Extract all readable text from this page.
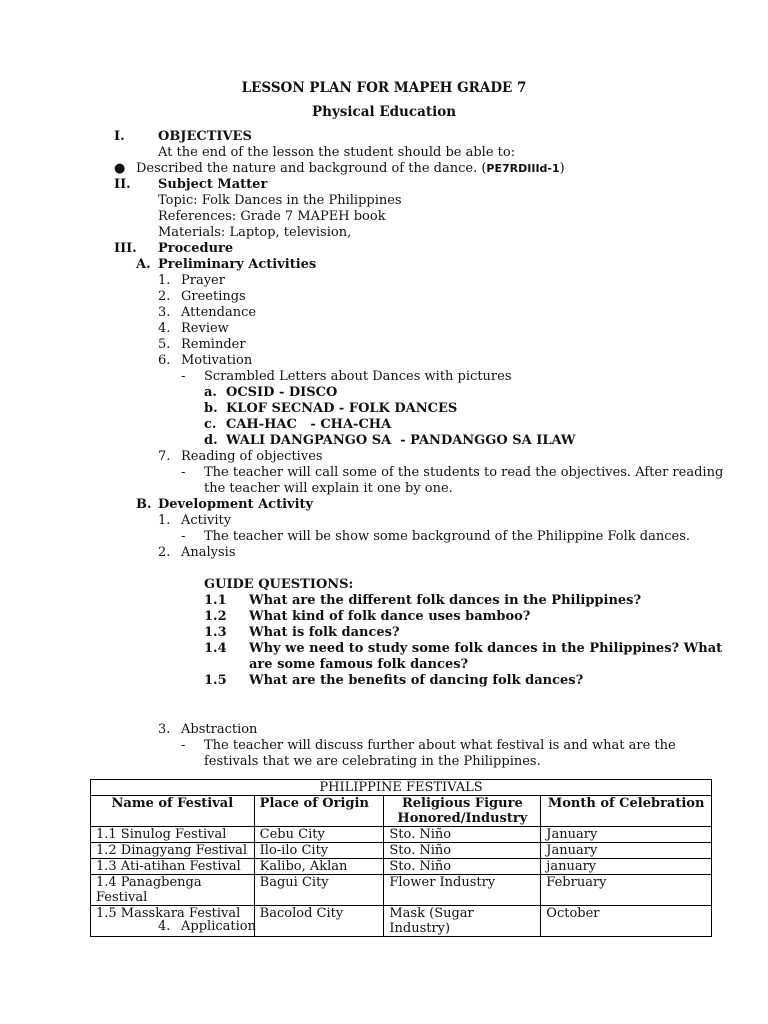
LESSON PLAN FOR MAPEH GRADE 7
Physical Education
I.	OBJECTIVES
At the end of the lesson the student should be able to:
● Described the nature and background of the dance. (PE7RDIIId-1)
II. Subject Matter
Topic: Folk Dances in the Philippines
References: Grade 7 MAPEH book
Materials: Laptop, television,
III. Procedure
A. Preliminary Activities
1. Prayer
2. Greetings
3. Attendance
4. Review
5. Reminder
6. Motivation
- Scrambled Letters about Dances with pictures
a. OCSID - DISCO
b. KLOF SECNAD - FOLK DANCES
c. CAH-HAC   - CHA-CHA
d. WALI DANGPANGO SA  - PANDANGGO SA ILAW
7. Reading of objectives
- The teacher will call some of the students to read the objectives. After reading
the teacher will explain it one by one.
B. Development Activity
1. Activity
- The teacher will be show some background of the Philippine Folk dances.
2. Analysis
GUIDE QUESTIONS:
1.1 What are the different folk dances in the Philippines?
1.2 What kind of folk dance uses bamboo?
1.3 What is folk dances?
1.4 Why we need to study some folk dances in the Philippines? What
are some famous folk dances?
1.5 What are the benefits of dancing folk dances?
3. Abstraction
- The teacher will discuss further about what festival is and what are the
festivals that we are celebrating in the Philippines.
PHILIPPINE FESTIVALS			
Name of Festival	Place of Origin	Religious Figure Honored/Industry	Month of Celebration
1.1 Sinulog Festival	Cebu City	Sto. Niño	January
1.2 Dinagyang Festival	Ilo-ilo City	Sto. Niño	January
1.3 Ati-atihan Festival	Kalibo, Aklan	Sto. Niño	january
1.4 Panagbenga Festival	Bagui City	Flower Industry	February
1.5 Masskara Festival	Bacolod City	Mask (Sugar Industry)	October
4. Application
